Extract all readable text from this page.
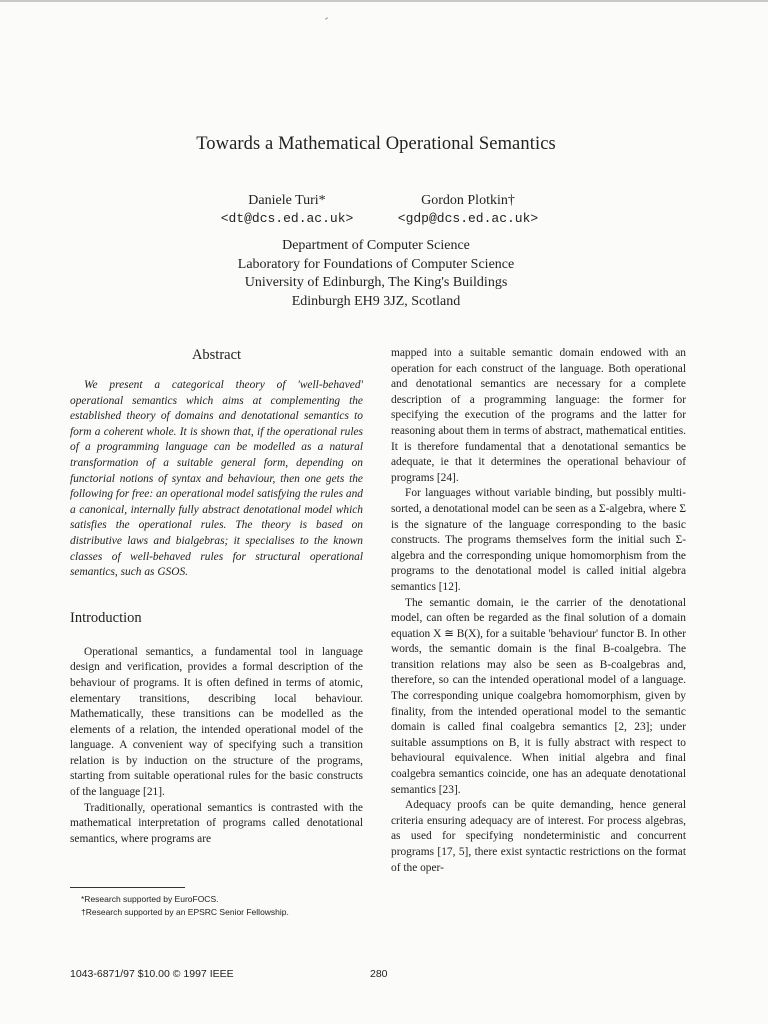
Towards a Mathematical Operational Semantics
Daniele Turi*
<dt@dcs.ed.ac.uk>
Gordon Plotkin†
<gdp@dcs.ed.ac.uk>
Department of Computer Science
Laboratory for Foundations of Computer Science
University of Edinburgh, The King's Buildings
Edinburgh EH9 3JZ, Scotland
Abstract

We present a categorical theory of 'well-behaved' operational semantics which aims at complementing the established theory of domains and denotational semantics to form a coherent whole. It is shown that, if the operational rules of a programming language can be modelled as a natural transformation of a suitable general form, depending on functorial notions of syntax and behaviour, then one gets the following for free: an operational model satisfying the rules and a canonical, internally fully abstract denotational model which satisfies the operational rules. The theory is based on distributive laws and bialgebras; it specialises to the known classes of well-behaved rules for structural operational semantics, such as GSOS.

Introduction

Operational semantics, a fundamental tool in language design and verification, provides a formal description of the behaviour of programs. It is often defined in terms of atomic, elementary transitions, describing local behaviour. Mathematically, these transitions can be modelled as the elements of a relation, the intended operational model of the language. A convenient way of specifying such a transition relation is by induction on the structure of the programs, starting from suitable operational rules for the basic constructs of the language [21].

Traditionally, operational semantics is contrasted with the mathematical interpretation of programs called denotational semantics, where programs are

mapped into a suitable semantic domain endowed with an operation for each construct of the language. Both operational and denotational semantics are necessary for a complete description of a programming language: the former for specifying the execution of the programs and the latter for reasoning about them in terms of abstract, mathematical entities. It is therefore fundamental that a denotational semantics be adequate, ie that it determines the operational behaviour of programs [24].

For languages without variable binding, but possibly multi-sorted, a denotational model can be seen as a Σ-algebra, where Σ is the signature of the language corresponding to the basic constructs. The programs themselves form the initial such Σ-algebra and the corresponding unique homomorphism from the programs to the denotational model is called initial algebra semantics [12].

The semantic domain, ie the carrier of the denotational model, can often be regarded as the final solution of a domain equation X ≅ B(X), for a suitable 'behaviour' functor B. In other words, the semantic domain is the final B-coalgebra. The transition relations may also be seen as B-coalgebras and, therefore, so can the intended operational model of a language. The corresponding unique coalgebra homomorphism, given by finality, from the intended operational model to the semantic domain is called final coalgebra semantics [2, 23]; under suitable assumptions on B, it is fully abstract with respect to behavioural equivalence. When initial algebra and final coalgebra semantics coincide, one has an adequate denotational semantics [23].

Adequacy proofs can be quite demanding, hence general criteria ensuring adequacy are of interest. For process algebras, as used for specifying nondeterministic and concurrent programs [17, 5], there exist syntactic restrictions on the format of the oper-

*Research supported by EuroFOCS.
†Research supported by an EPSRC Senior Fellowship.
1043-6871/97 $10.00 © 1997 IEEE	280
